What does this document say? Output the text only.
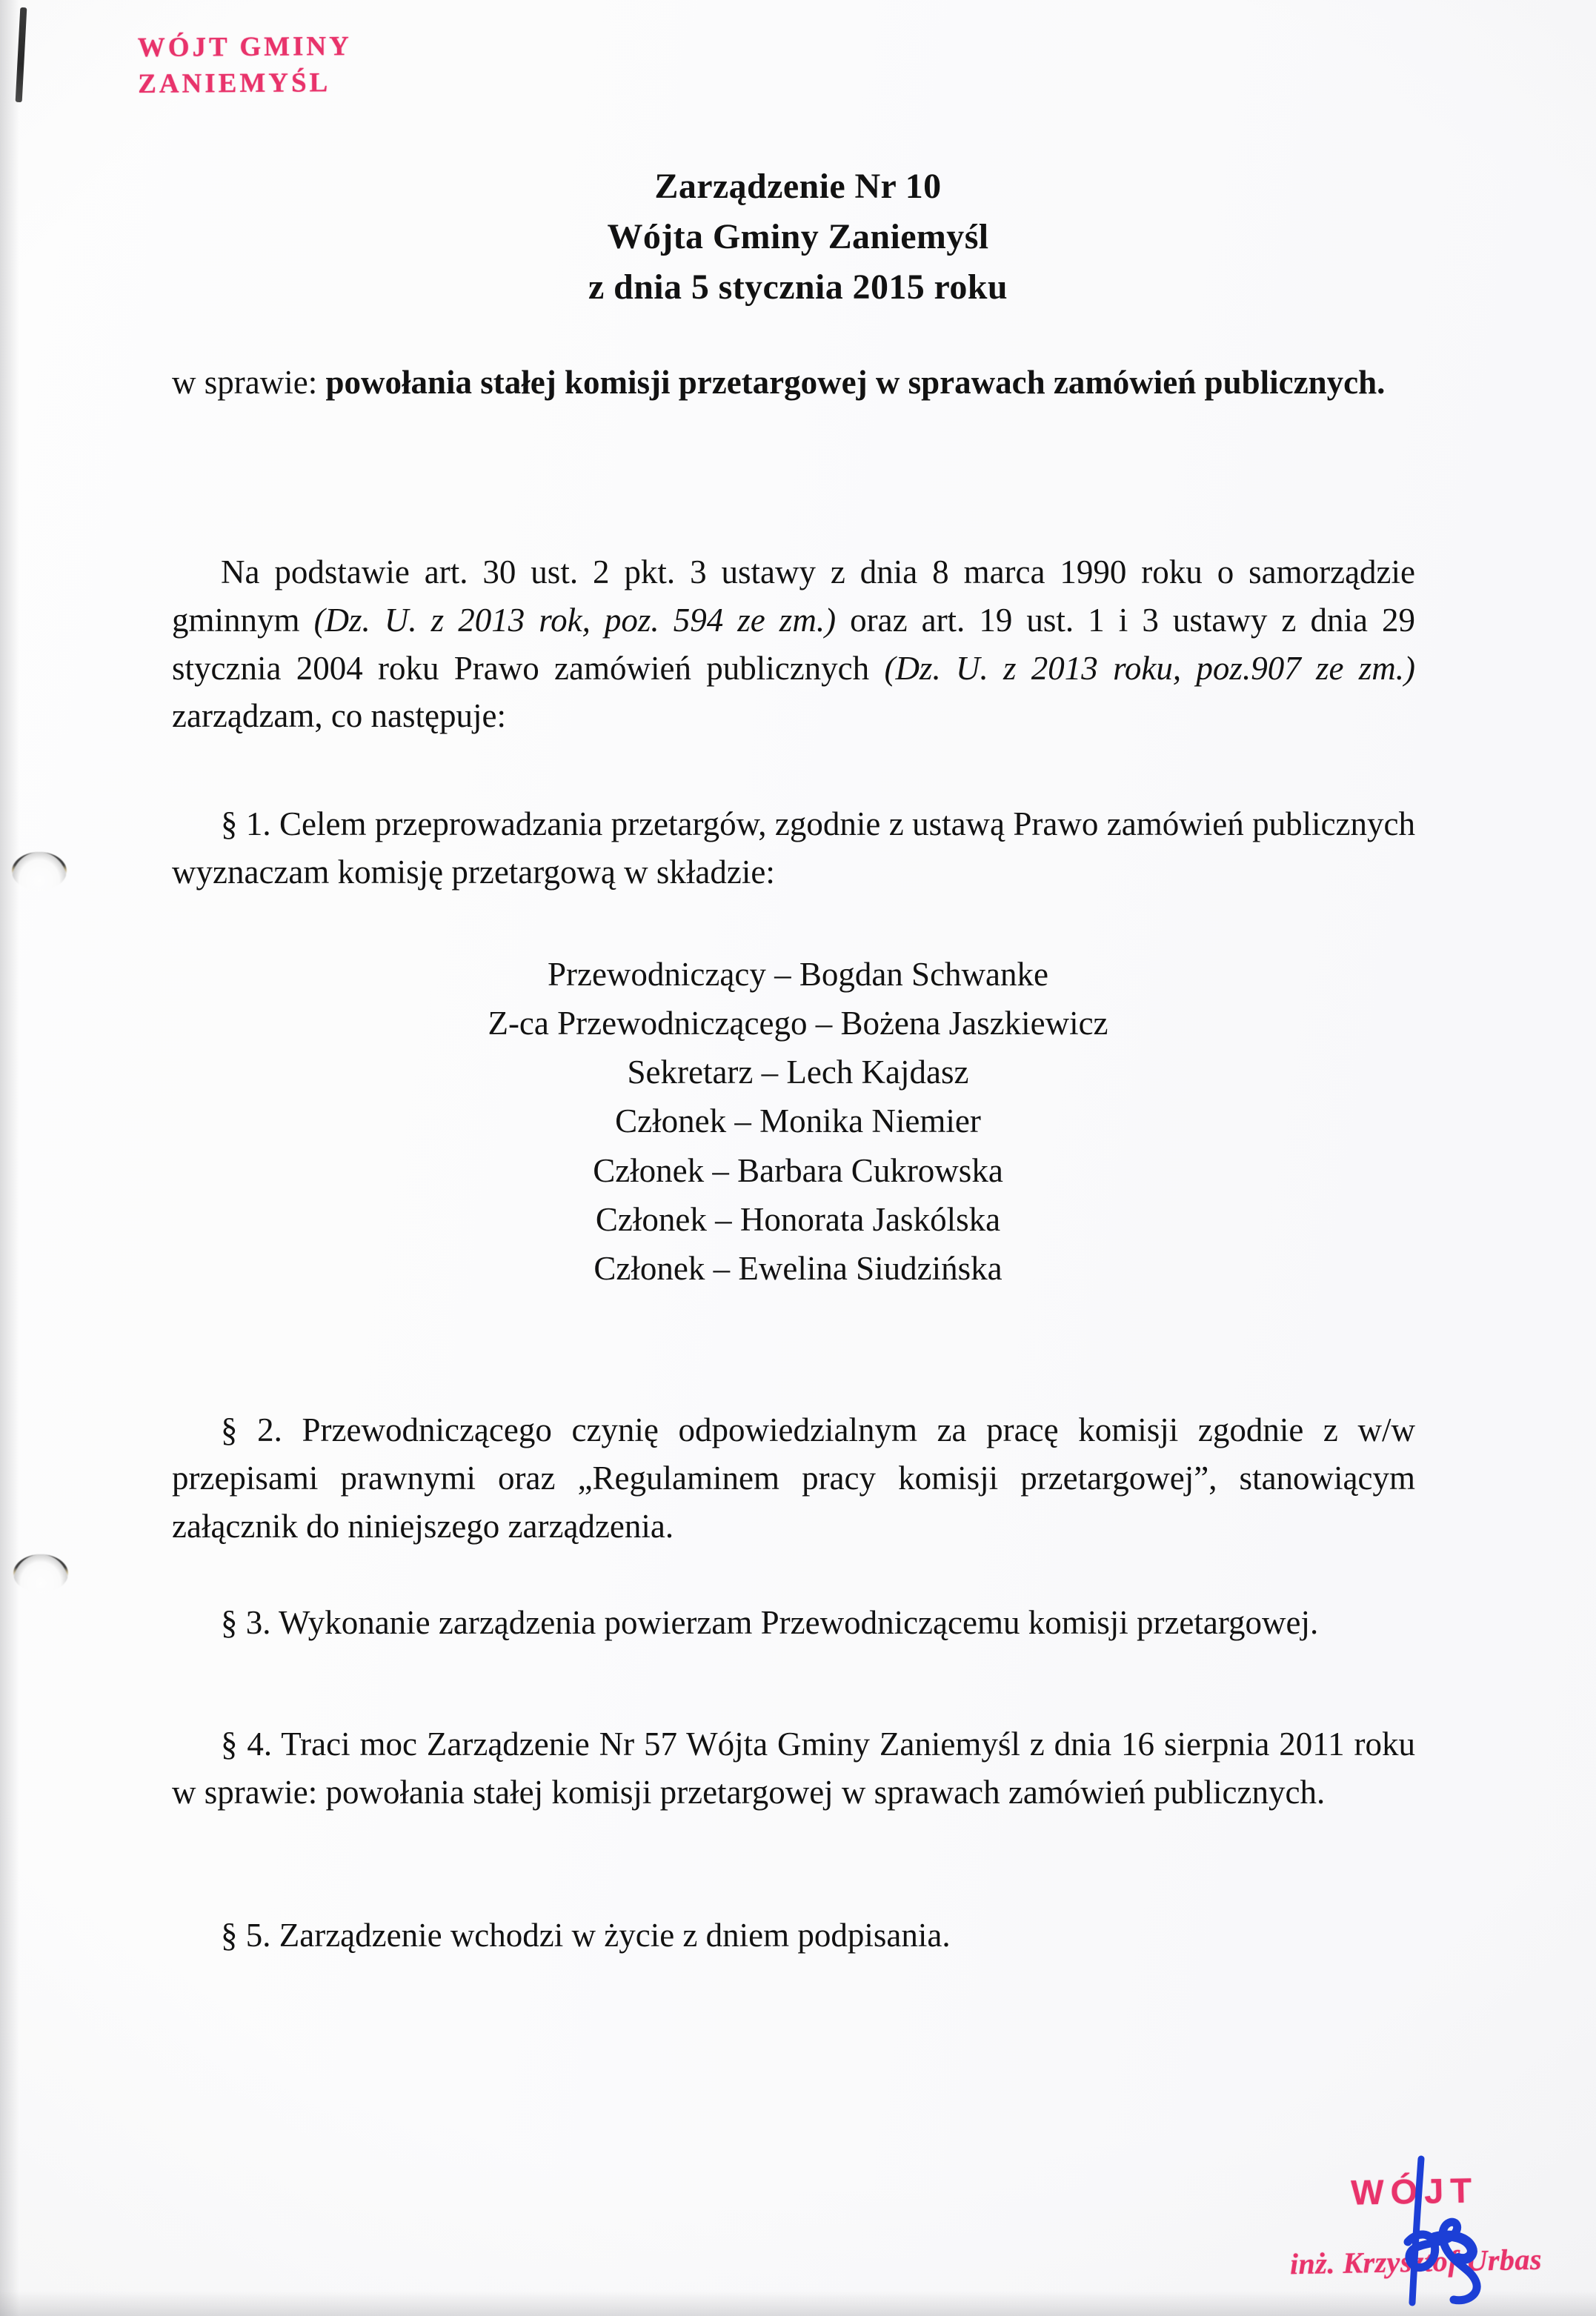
WÓJT GMINY
ZANIEMYŚL
Zarządzenie Nr 10
Wójta Gminy Zaniemyśl
z dnia 5 stycznia 2015 roku
w sprawie: powołania stałej komisji przetargowej w sprawach zamówień publicznych.
Na podstawie art. 30 ust. 2 pkt. 3 ustawy z dnia 8 marca 1990 roku o samorządzie gminnym (Dz. U. z 2013 rok, poz. 594 ze zm.) oraz art. 19 ust. 1 i 3 ustawy z dnia 29 stycznia 2004 roku Prawo zamówień publicznych (Dz. U. z 2013 roku, poz.907 ze zm.) zarządzam, co następuje:
§ 1. Celem przeprowadzania przetargów, zgodnie z ustawą Prawo zamówień publicznych wyznaczam komisję przetargową w składzie:
Przewodniczący – Bogdan Schwanke
Z-ca Przewodniczącego – Bożena Jaszkiewicz
Sekretarz – Lech Kajdasz
Członek – Monika Niemier
Członek – Barbara Cukrowska
Członek – Honorata Jaskólska
Członek – Ewelina Siudzińska
§ 2. Przewodniczącego czynię odpowiedzialnym za pracę komisji zgodnie z w/w przepisami prawnymi oraz „Regulaminem pracy komisji przetargowej”, stanowiącym załącznik do niniejszego zarządzenia.
§ 3. Wykonanie zarządzenia powierzam Przewodniczącemu komisji przetargowej.
§ 4. Traci moc Zarządzenie Nr 57 Wójta Gminy Zaniemyśl z dnia 16 sierpnia 2011 roku w sprawie: powołania stałej komisji przetargowej w sprawach zamówień publicznych.
§ 5. Zarządzenie wchodzi w życie z dniem podpisania.
WÓJT
inż. Krzysztof Urbas
